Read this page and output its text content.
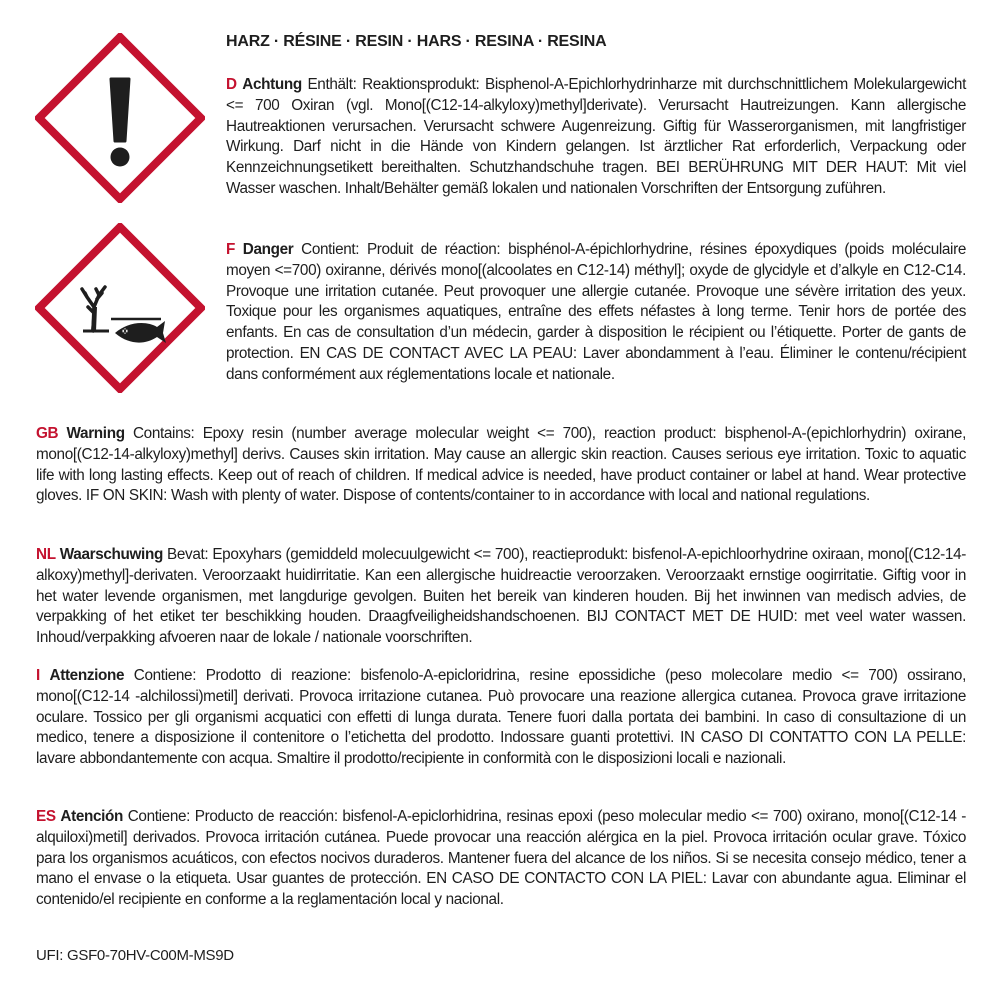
HARZ · RÉSINE · RESIN · HARS · RESINA · RESINA

D Achtung Enthält: Reaktionsprodukt: Bisphenol-A-Epichlorhydrinharze mit durchschnittlichem Molekulargewicht <= 700 Oxiran (vgl. Mono[(C12-14-alkyloxy)methyl]derivate). Verursacht Hautreizungen. Kann allergische Hautreaktionen verursachen. Verursacht schwere Augenreizung. Giftig für Wasserorganismen, mit langfristiger Wirkung. Darf nicht in die Hände von Kindern gelangen. Ist ärztlicher Rat erforderlich, Verpackung oder Kennzeichnungsetikett bereithalten. Schutzhandschuhe tragen. BEI BERÜHRUNG MIT DER HAUT: Mit viel Wasser waschen. Inhalt/Behälter gemäß lokalen und nationalen Vorschriften der Entsorgung zuführen.

F Danger Contient: Produit de réaction: bisphénol-A-épichlorhydrine, résines époxydiques (poids moléculaire moyen <=700) oxiranne, dérivés mono[(alcoolates en C12-14) méthyl]; oxyde de glycidyle et d’alkyle en C12-C14. Provoque une irritation cutanée. Peut provoquer une allergie cutanée. Provoque une sévère irritation des yeux. Toxique pour les organismes aquatiques, entraîne des effets néfastes à long terme. Tenir hors de portée des enfants. En cas de consultation d’un médecin, garder à disposition le récipient ou l’étiquette. Porter de gants de protection. EN CAS DE CONTACT AVEC LA PEAU: Laver abondamment à l’eau. Éliminer le contenu/récipient dans conformément aux réglementations locale et nationale.

GB Warning Contains: Epoxy resin (number average molecular weight <= 700), reaction product: bisphenol-A-(epichlorhydrin) oxirane, mono[(C12-14-alkyloxy)methyl] derivs. Causes skin irritation. May cause an allergic skin reaction. Causes serious eye irritation. Toxic to aquatic life with long lasting effects. Keep out of reach of children. If medical advice is needed, have product container or label at hand. Wear protective gloves. IF ON SKIN: Wash with plenty of water. Dispose of contents/container to in accordance with local and national regulations.

NL Waarschuwing Bevat: Epoxyhars (gemiddeld molecuulgewicht <= 700), reactieprodukt: bisfenol-A-epichloorhydrine oxiraan, mono[(C12-14-alkoxy)methyl]-derivaten. Veroorzaakt huidirritatie. Kan een allergische huidreactie veroorzaken. Veroorzaakt ernstige oogirritatie. Giftig voor in het water levende organismen, met langdurige gevolgen. Buiten het bereik van kinderen houden. Bij het inwinnen van medisch advies, de verpakking of het etiket ter beschikking houden. Draagfveiligheidshandschoenen. BIJ CONTACT MET DE HUID: met veel water wassen. Inhoud/verpakking afvoeren naar de lokale / nationale voorschriften.

I Attenzione Contiene: Prodotto di reazione: bisfenolo-A-epicloridrina, resine epossidiche (peso molecolare medio <= 700) ossirano, mono[(C12-14 -alchilossi)metil] derivati. Provoca irritazione cutanea. Può provocare una reazione allergica cutanea. Provoca grave irritazione oculare. Tossico per gli organismi acquatici con effetti di lunga durata. Tenere fuori dalla portata dei bambini. In caso di consultazione di un medico, tenere a disposizione il contenitore o l’etichetta del prodotto. Indossare guanti protettivi. IN CASO DI CONTATTO CON LA PELLE: lavare abbondantemente con acqua. Smaltire il prodotto/recipiente in conformità con le disposizioni locali e nazionali.

ES Atención Contiene: Producto de reacción: bisfenol-A-epiclorhidrina, resinas epoxi (peso molecular medio <= 700) oxirano, mono[(C12-14 -alquiloxi)metil] derivados. Provoca irritación cutánea. Puede provocar una reacción alérgica en la piel. Provoca irritación ocular grave. Tóxico para los organismos acuáticos, con efectos nocivos duraderos. Mantener fuera del alcance de los niños. Si se necesita consejo médico, tener a mano el envase o la etiqueta. Usar guantes de protección. EN CASO DE CONTACTO CON LA PIEL: Lavar con abundante agua. Eliminar el contenido/el recipiente en conforme a la reglamentación local y nacional.

UFI: GSF0-70HV-C00M-MS9D
